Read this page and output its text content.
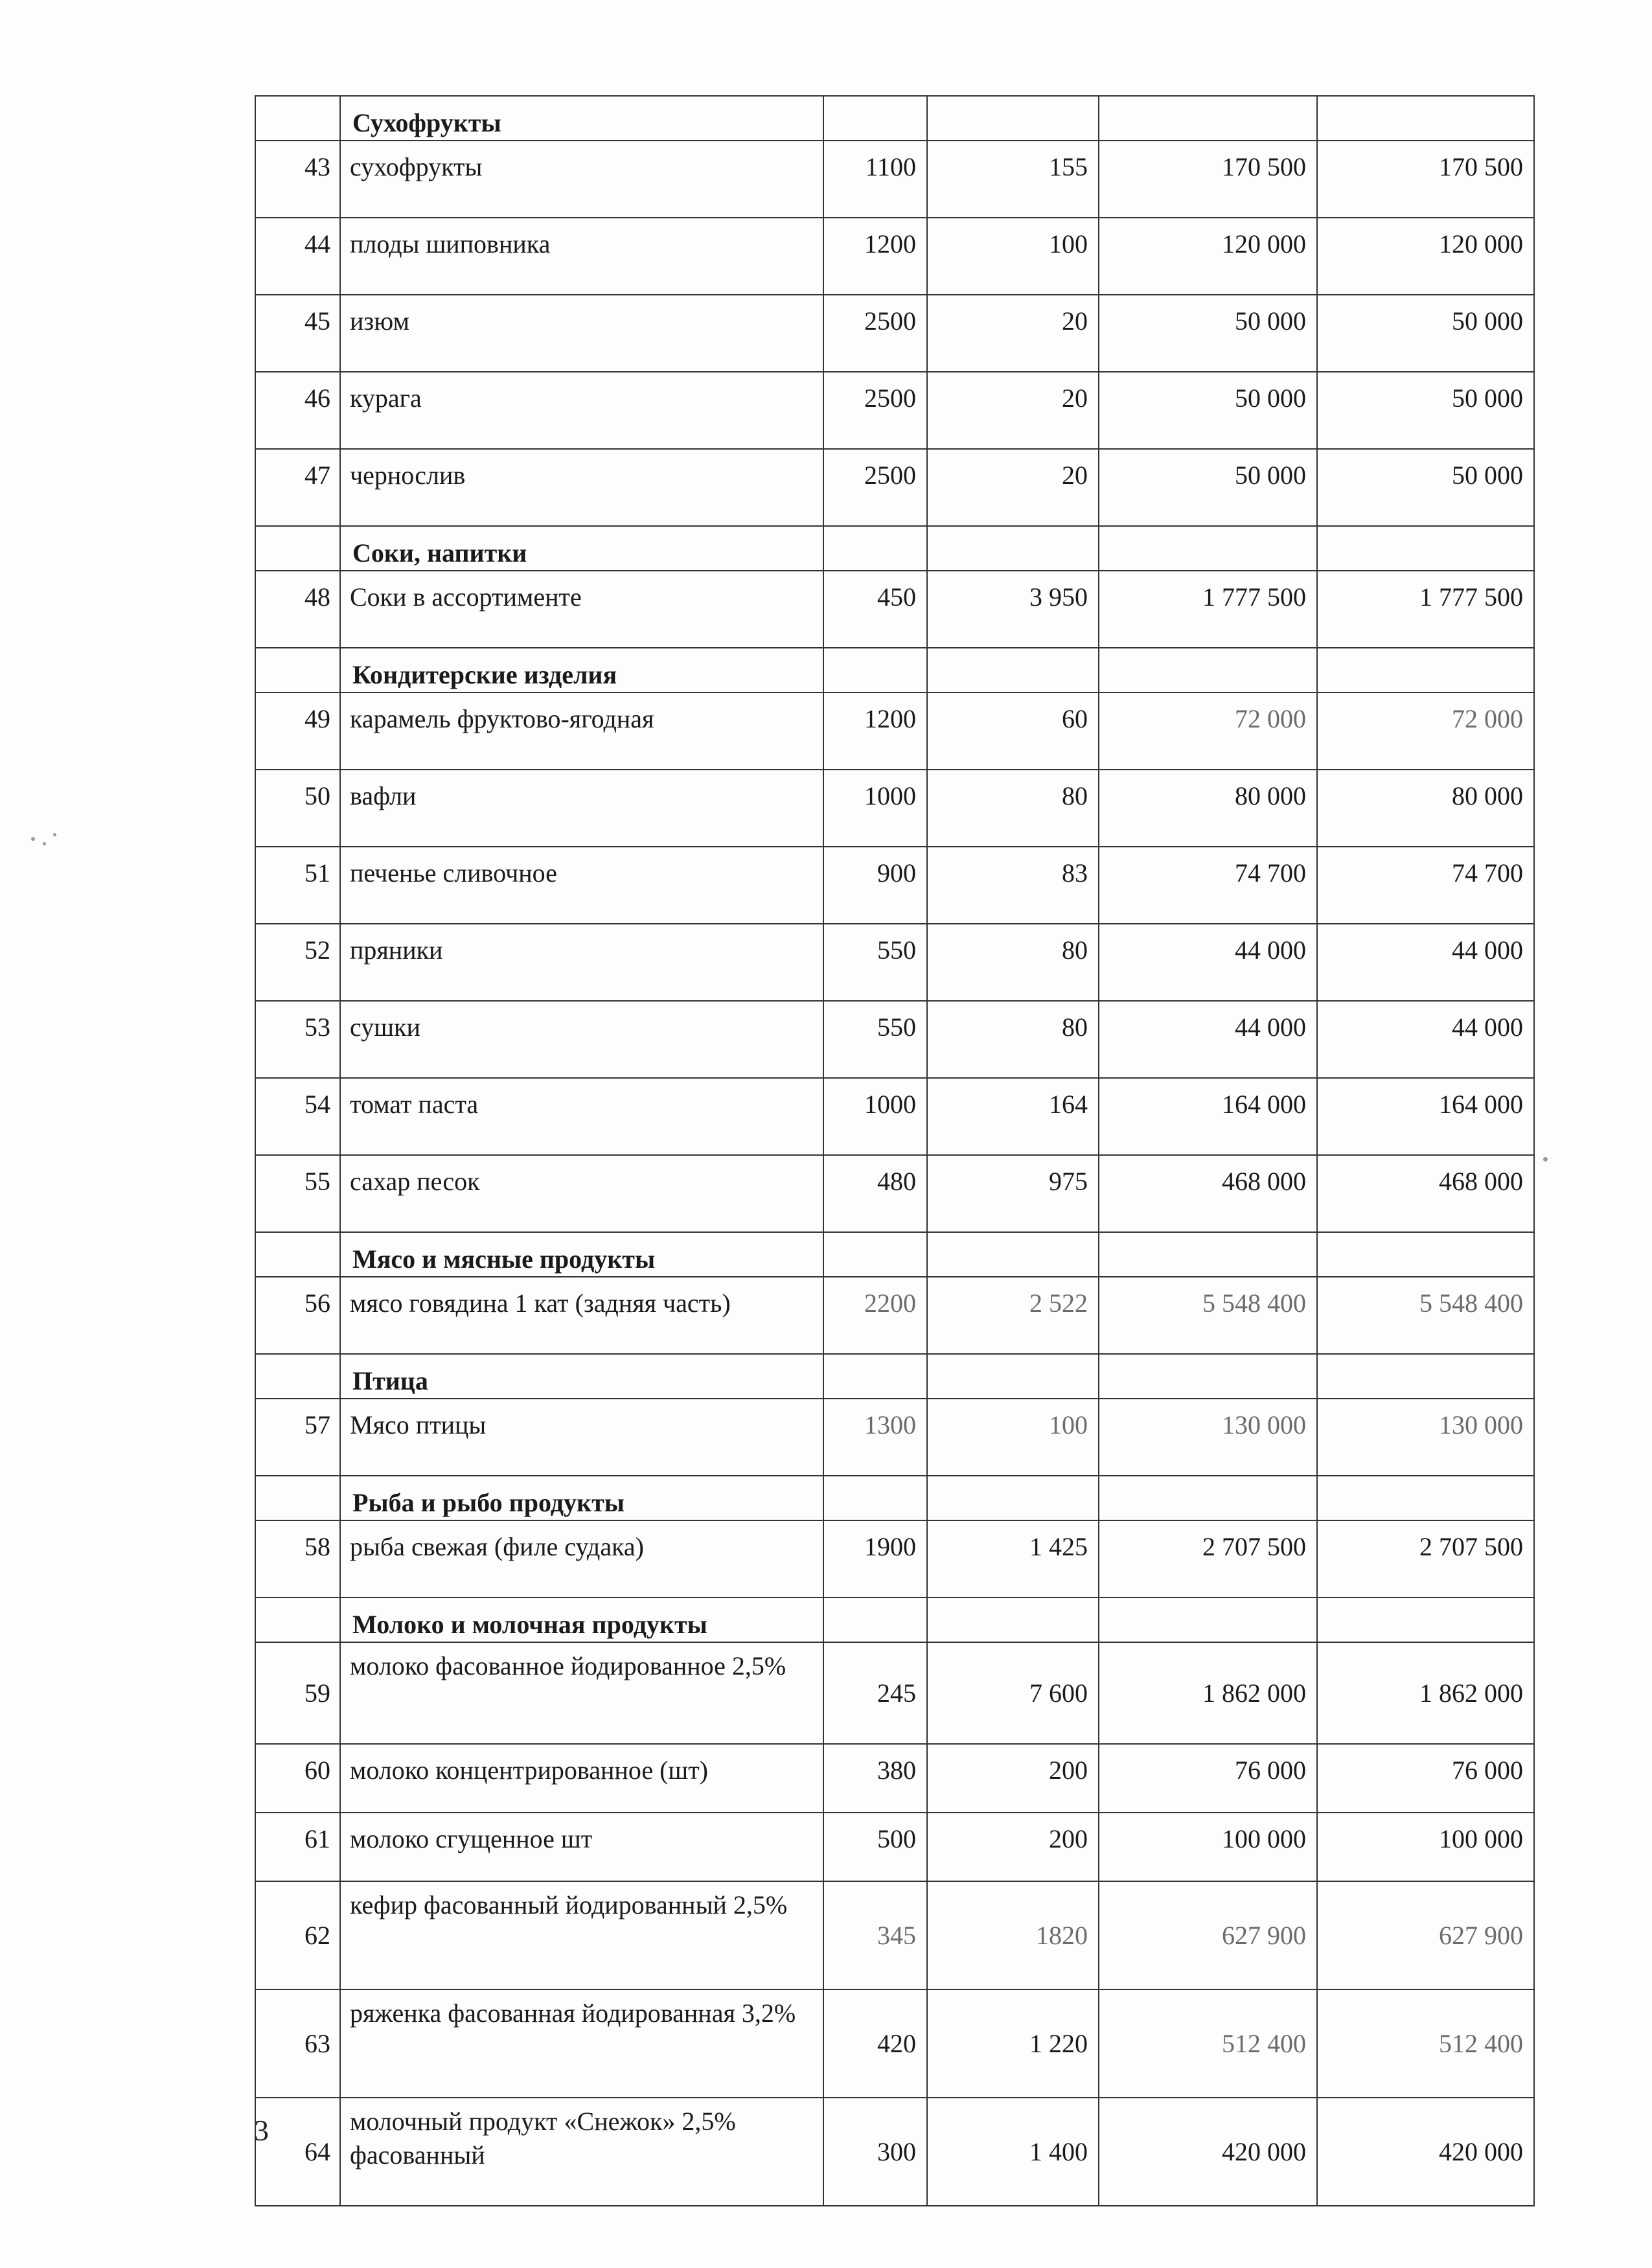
	Сухофрукты				
43	сухофрукты	1100	155	170 500	170 500
44	плоды шиповника	1200	100	120 000	120 000
45	изюм	2500	20	50 000	50 000
46	курага	2500	20	50 000	50 000
47	чернослив	2500	20	50 000	50 000
	Соки, напитки				
48	Соки в ассортименте	450	3 950	1 777 500	1 777 500
	Кондитерские изделия				
49	карамель фруктово-ягодная	1200	60	72 000	72 000
50	вафли	1000	80	80 000	80 000
51	печенье сливочное	900	83	74 700	74 700
52	пряники	550	80	44 000	44 000
53	сушки	550	80	44 000	44 000
54	томат паста	1000	164	164 000	164 000
55	сахар песок	480	975	468 000	468 000
	Мясо и мясные продукты				
56	мясо говядина 1 кат (задняя часть)	2200	2 522	5 548 400	5 548 400
	Птица				
57	Мясо птицы	1300	100	130 000	130 000
	Рыба и рыбо продукты				
58	рыба свежая (филе судака)	1900	1 425	2 707 500	2 707 500
	Молоко и молочная продукты				
59	молоко фасованное йодированное 2,5%	245	7 600	1 862 000	1 862 000
60	молоко концентрированное (шт)	380	200	76 000	76 000
61	молоко сгущенное шт	500	200	100 000	100 000
62	кефир фасованный йодированный 2,5%	345	1820	627 900	627 900
63	ряженка фасованная йодированная 3,2%	420	1 220	512 400	512 400
64	молочный продукт «Снежок» 2,5% фасованный	300	1 400	420 000	420 000
3
